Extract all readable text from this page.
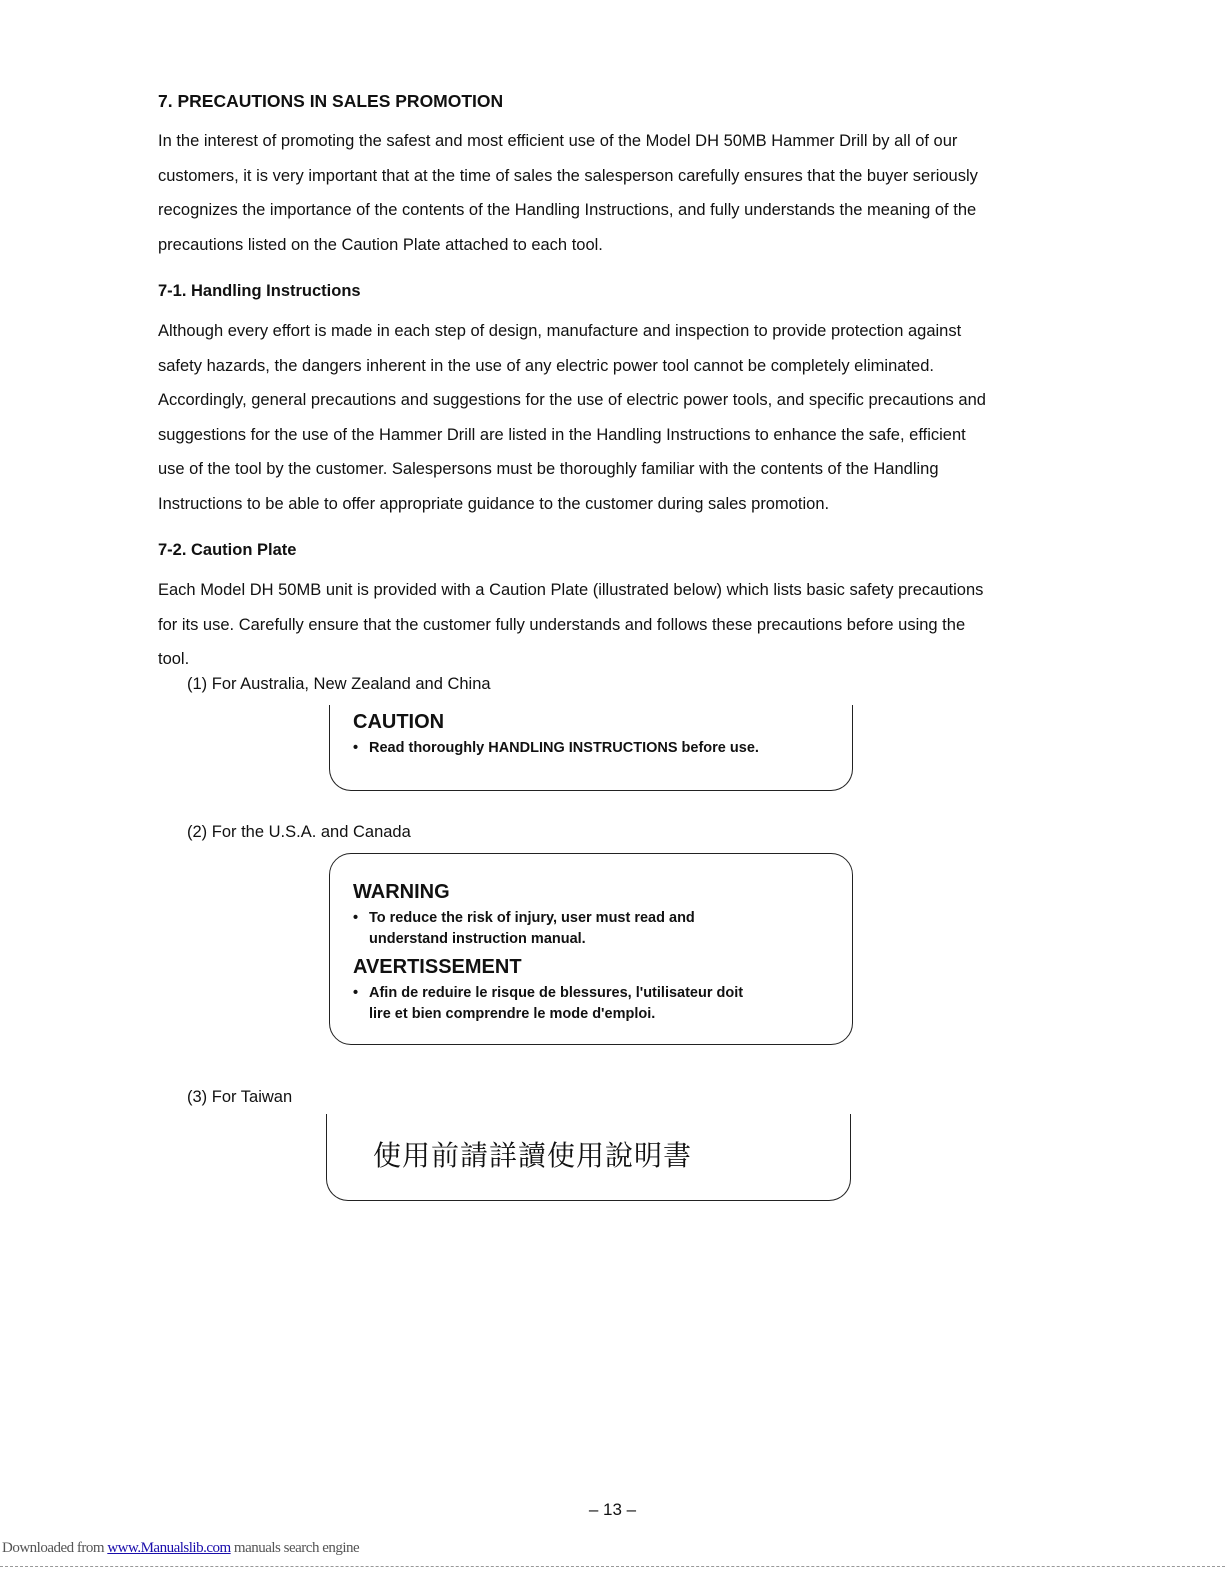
7. PRECAUTIONS IN SALES PROMOTION

In the interest of promoting the safest and most efficient use of the Model DH 50MB Hammer Drill by all of our

customers, it is very important that at the time of sales the salesperson carefully ensures that the buyer seriously

recognizes the importance of the contents of the Handling Instructions, and fully understands the meaning of the

precautions listed on the Caution Plate attached to each tool.

7-1. Handling Instructions

Although every effort is made in each step of design, manufacture and inspection to provide protection against

safety hazards, the dangers inherent in the use of any electric power tool cannot be completely eliminated.

Accordingly, general precautions and suggestions for the use of electric power tools, and specific precautions and

suggestions for the use of the Hammer Drill are listed in the Handling Instructions to enhance the safe, efficient

use of the tool by the customer. Salespersons must be thoroughly familiar with the contents of the Handling

Instructions to be able to offer appropriate guidance to the customer during sales promotion.

7-2. Caution Plate

Each Model DH 50MB unit is provided with a Caution Plate (illustrated below) which lists basic safety precautions

for its use. Carefully ensure that the customer fully understands and follows these precautions before using the

tool.

(1) For Australia, New Zealand and China
CAUTION
• Read thoroughly HANDLING INSTRUCTIONS before use.
(2) For the U.S.A. and Canada
WARNING
• To reduce the risk of injury, user must read and
understand instruction manual.
AVERTISSEMENT
• Afin de reduire le risque de blessures, l'utilisateur doit
lire et bien comprendre le mode d'emploi.
(3) For Taiwan
使用前請詳讀使用說明書
– 13 –
Downloaded from www.Manualslib.com manuals search engine
